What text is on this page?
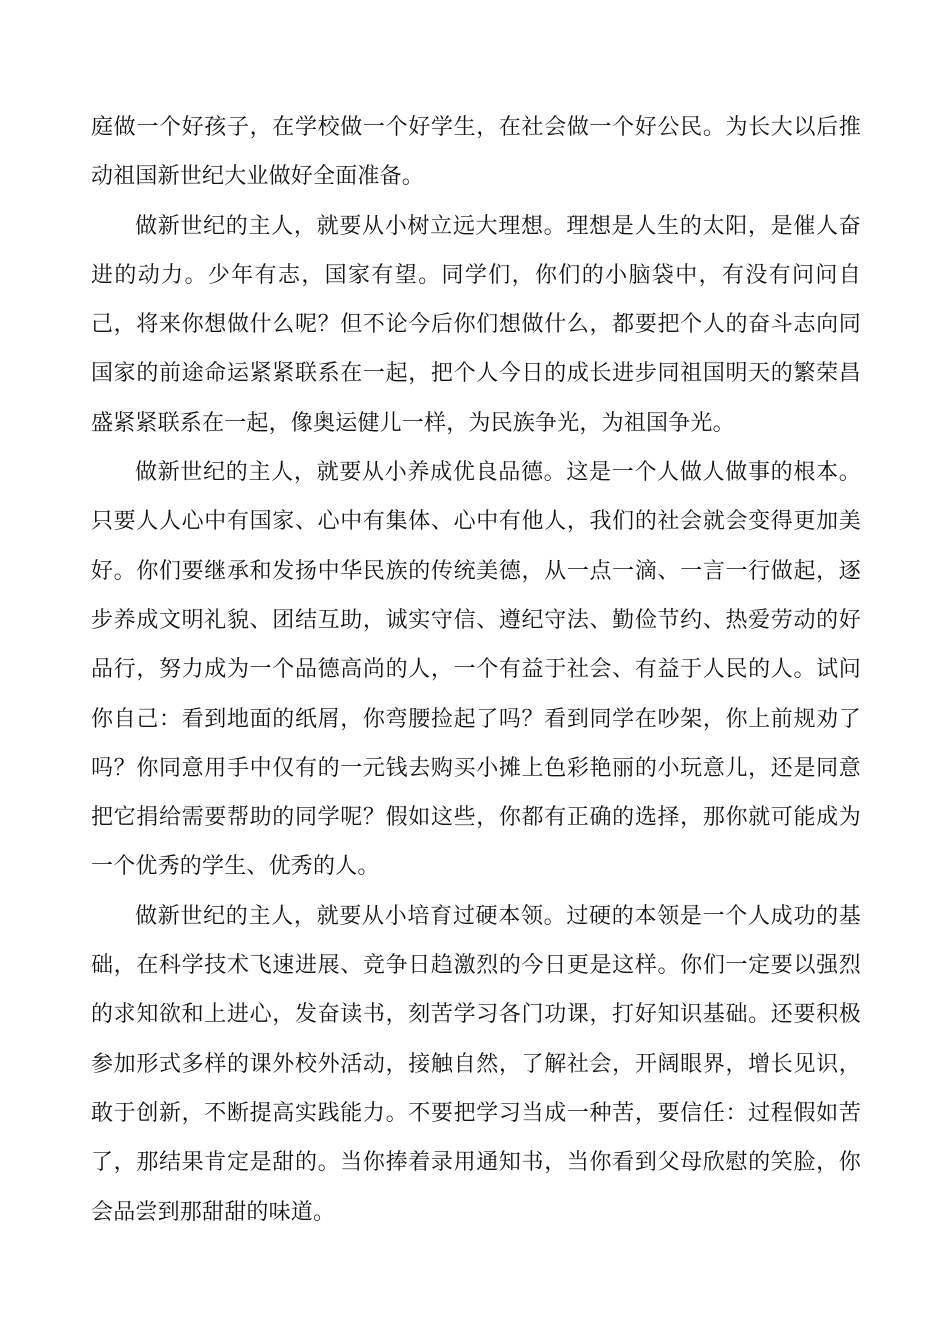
庭做一个好孩子，在学校做一个好学生，在社会做一个好公民。为长大以后推动祖国新世纪大业做好全面准备。

做新世纪的主人，就要从小树立远大理想。理想是人生的太阳，是催人奋进的动力。少年有志，国家有望。同学们，你们的小脑袋中，有没有问问自己，将来你想做什么呢？但不论今后你们想做什么，都要把个人的奋斗志向同国家的前途命运紧紧联系在一起，把个人今日的成长进步同祖国明天的繁荣昌盛紧紧联系在一起，像奥运健儿一样，为民族争光，为祖国争光。

做新世纪的主人，就要从小养成优良品德。这是一个人做人做事的根本。只要人人心中有国家、心中有集体、心中有他人，我们的社会就会变得更加美好。你们要继承和发扬中华民族的传统美德，从一点一滴、一言一行做起，逐步养成文明礼貌、团结互助，诚实守信、遵纪守法、勤俭节约、热爱劳动的好品行，努力成为一个品德高尚的人，一个有益于社会、有益于人民的人。试问你自己：看到地面的纸屑，你弯腰捡起了吗？看到同学在吵架，你上前规劝了吗？你同意用手中仅有的一元钱去购买小摊上色彩艳丽的小玩意儿，还是同意把它捐给需要帮助的同学呢？假如这些，你都有正确的选择，那你就可能成为一个优秀的学生、优秀的人。

做新世纪的主人，就要从小培育过硬本领。过硬的本领是一个人成功的基础，在科学技术飞速进展、竞争日趋激烈的今日更是这样。你们一定要以强烈的求知欲和上进心，发奋读书，刻苦学习各门功课，打好知识基础。还要积极参加形式多样的课外校外活动，接触自然，了解社会，开阔眼界，增长见识，敢于创新，不断提高实践能力。不要把学习当成一种苦，要信任：过程假如苦了，那结果肯定是甜的。当你捧着录用通知书，当你看到父母欣慰的笑脸，你会品尝到那甜甜的味道。
